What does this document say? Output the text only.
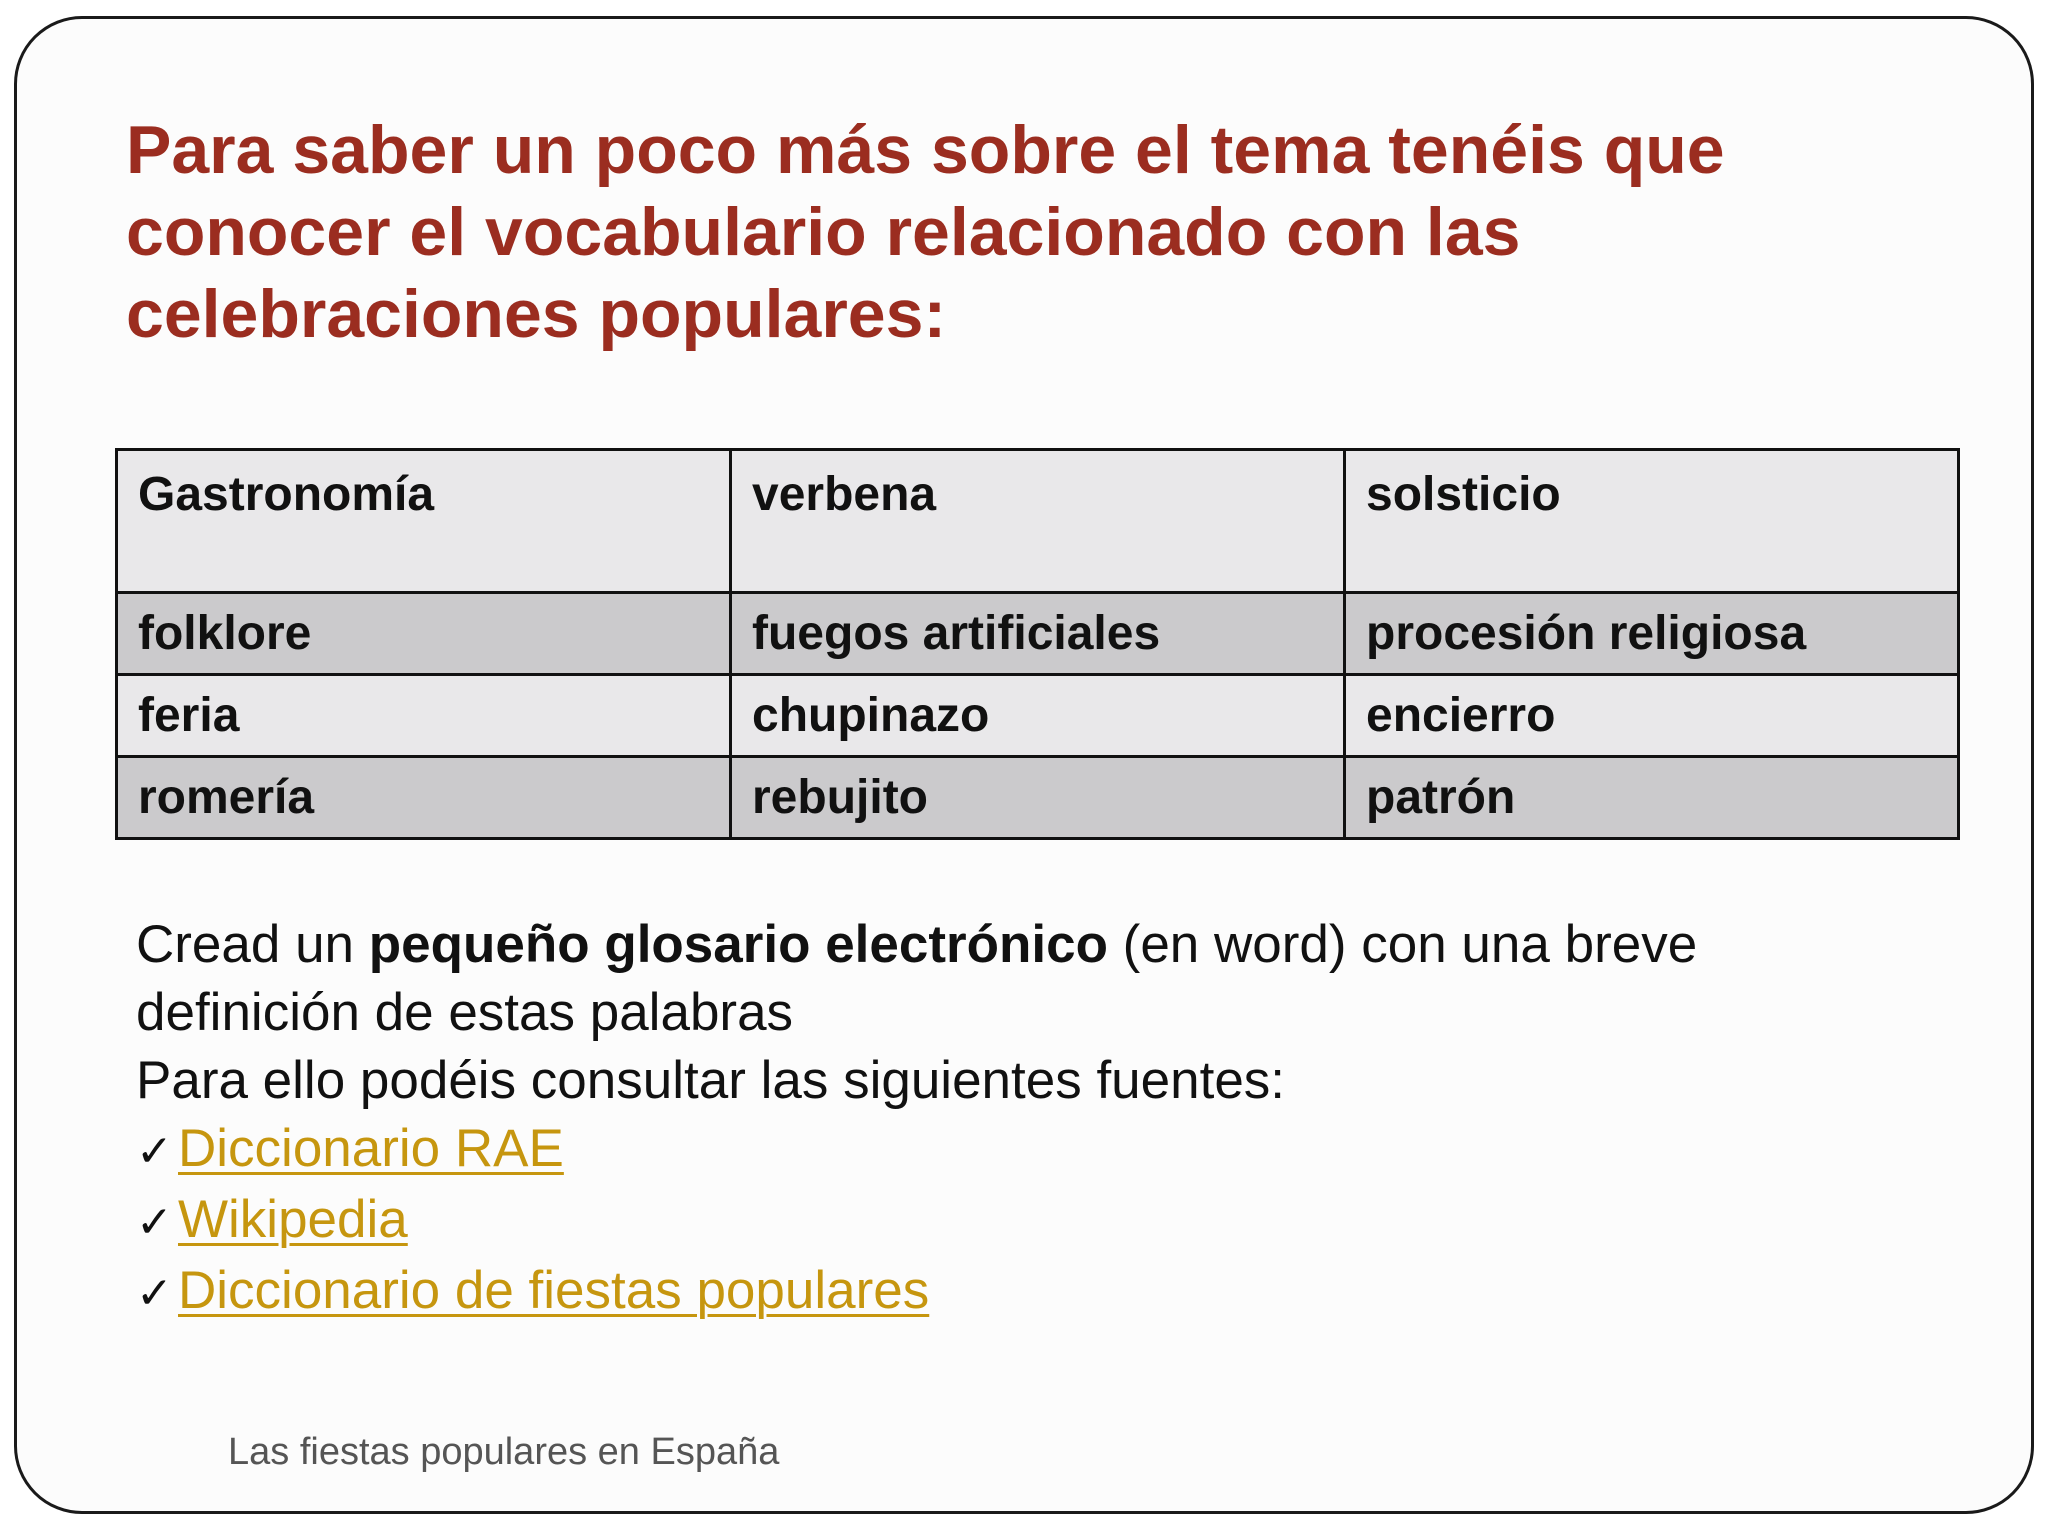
Para saber un poco más sobre el tema tenéis que conocer el vocabulario relacionado con las celebraciones populares:
Gastronomía	verbena	solsticio
folklore	fuegos artificiales	procesión religiosa
feria	chupinazo	encierro
romería	rebujito	patrón
Cread un pequeño glosario electrónico (en word) con una breve
definición de estas palabras
Para ello podéis consultar las siguientes fuentes:
✓Diccionario RAE
✓Wikipedia
✓Diccionario de fiestas populares
Las fiestas populares en España
